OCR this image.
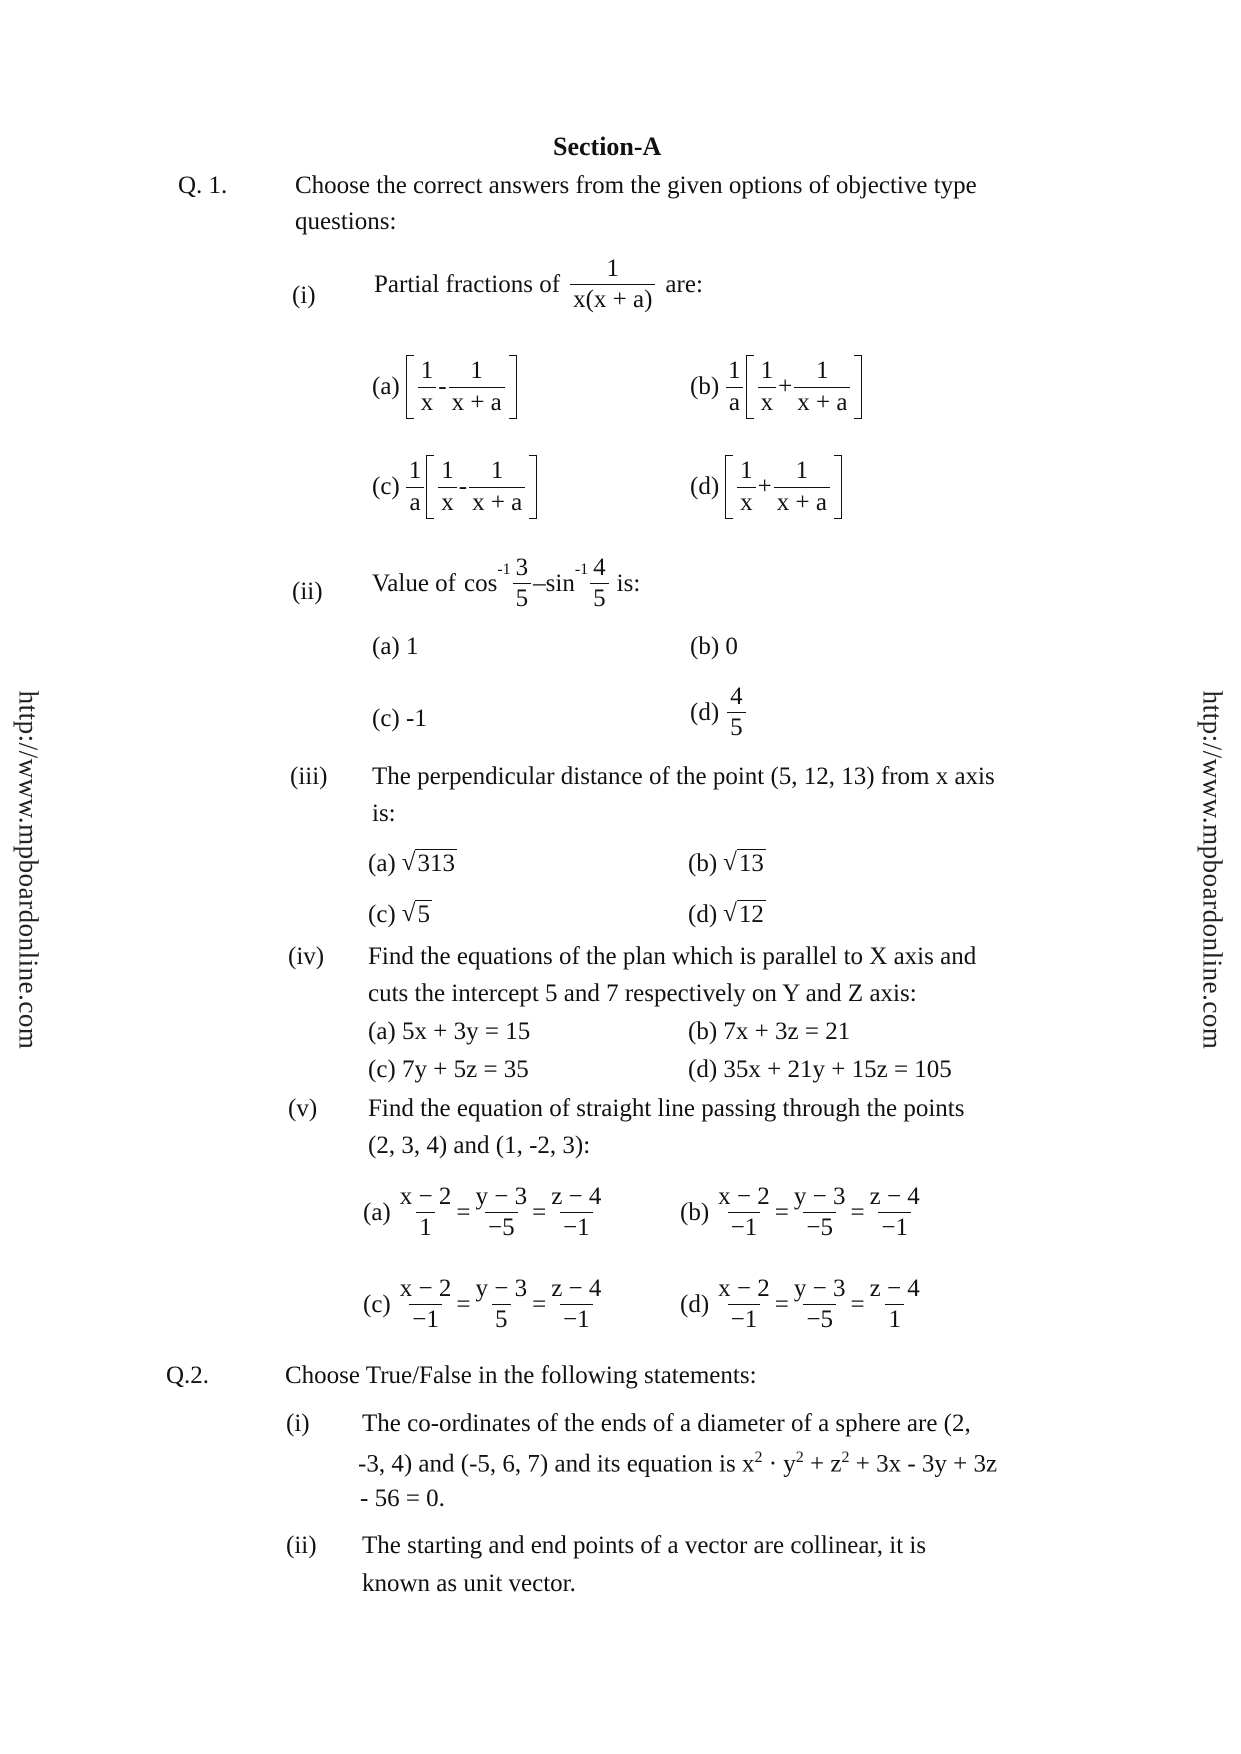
http://www.mpboardonline.com	http://www.mpboardonline.com
Section-A
Q. 1.	Choose the correct answers from the given options of objective type
questions:
(i) Partial fractions of $\frac{1}{x(x + a)}$ are:
$(a) \frac{1}{x} - \frac{1}{x + a}$	$(b) \frac{1}{a} \frac{1}{x} + \frac{1}{x + a}$
$(c) \frac{1}{a} \frac{1}{x} - \frac{1}{x + a}$	$(d) \frac{1}{x} + \frac{1}{x + a}$
(ii) Value of cos
$^{-1} \frac{3}{5}$ – sin
$^{-1} \frac{4}{5}$ is:
(a) 1	(b) 0
(c) -1	$(d) \frac{4}{5}$
(iii) The perpendicular distance of the point (5, 12, 13) from x axis
is:
(a) √ 313	(b) √ 13
(c) √ 5	(d) √ 12
(iv) Find the equations of the plan which is parallel to X axis and
cuts the intercept 5 and 7 respectively on Y and Z axis:
(a) 5x + 3y = 15	(b) 7x + 3z = 21
(c) 7y + 5z = 35	(d) 35x + 21y + 15z = 105
(v) Find the equation of straight line passing through the points
(2, 3, 4) and (1, -2, 3):
$(a) \frac{x - 2}{1} = \frac{y - 3}{-5} = \frac{z - 4}{-1}$	$(b) \frac{x - 2}{-1} = \frac{y - 3}{-5} = \frac{z - 4}{-1}$
$(c) \frac{x - 2}{-1} = \frac{y - 3}{5} = \frac{z - 4}{-1}$	$(d) \frac{x - 2}{-1} = \frac{y - 3}{-5} = \frac{z - 4}{1}$
Q.2.	Choose True/False in the following statements:
(i) The co-ordinates of the ends of a diameter of a sphere are (2,
-3, 4) and (-5, 6, 7) and its equation is $x^2 \cdot y^2 + z^2 + 3x - 3y + 3z$
- 56 = 0.
(ii) The starting and end points of a vector are collinear, it is
known as unit vector.
